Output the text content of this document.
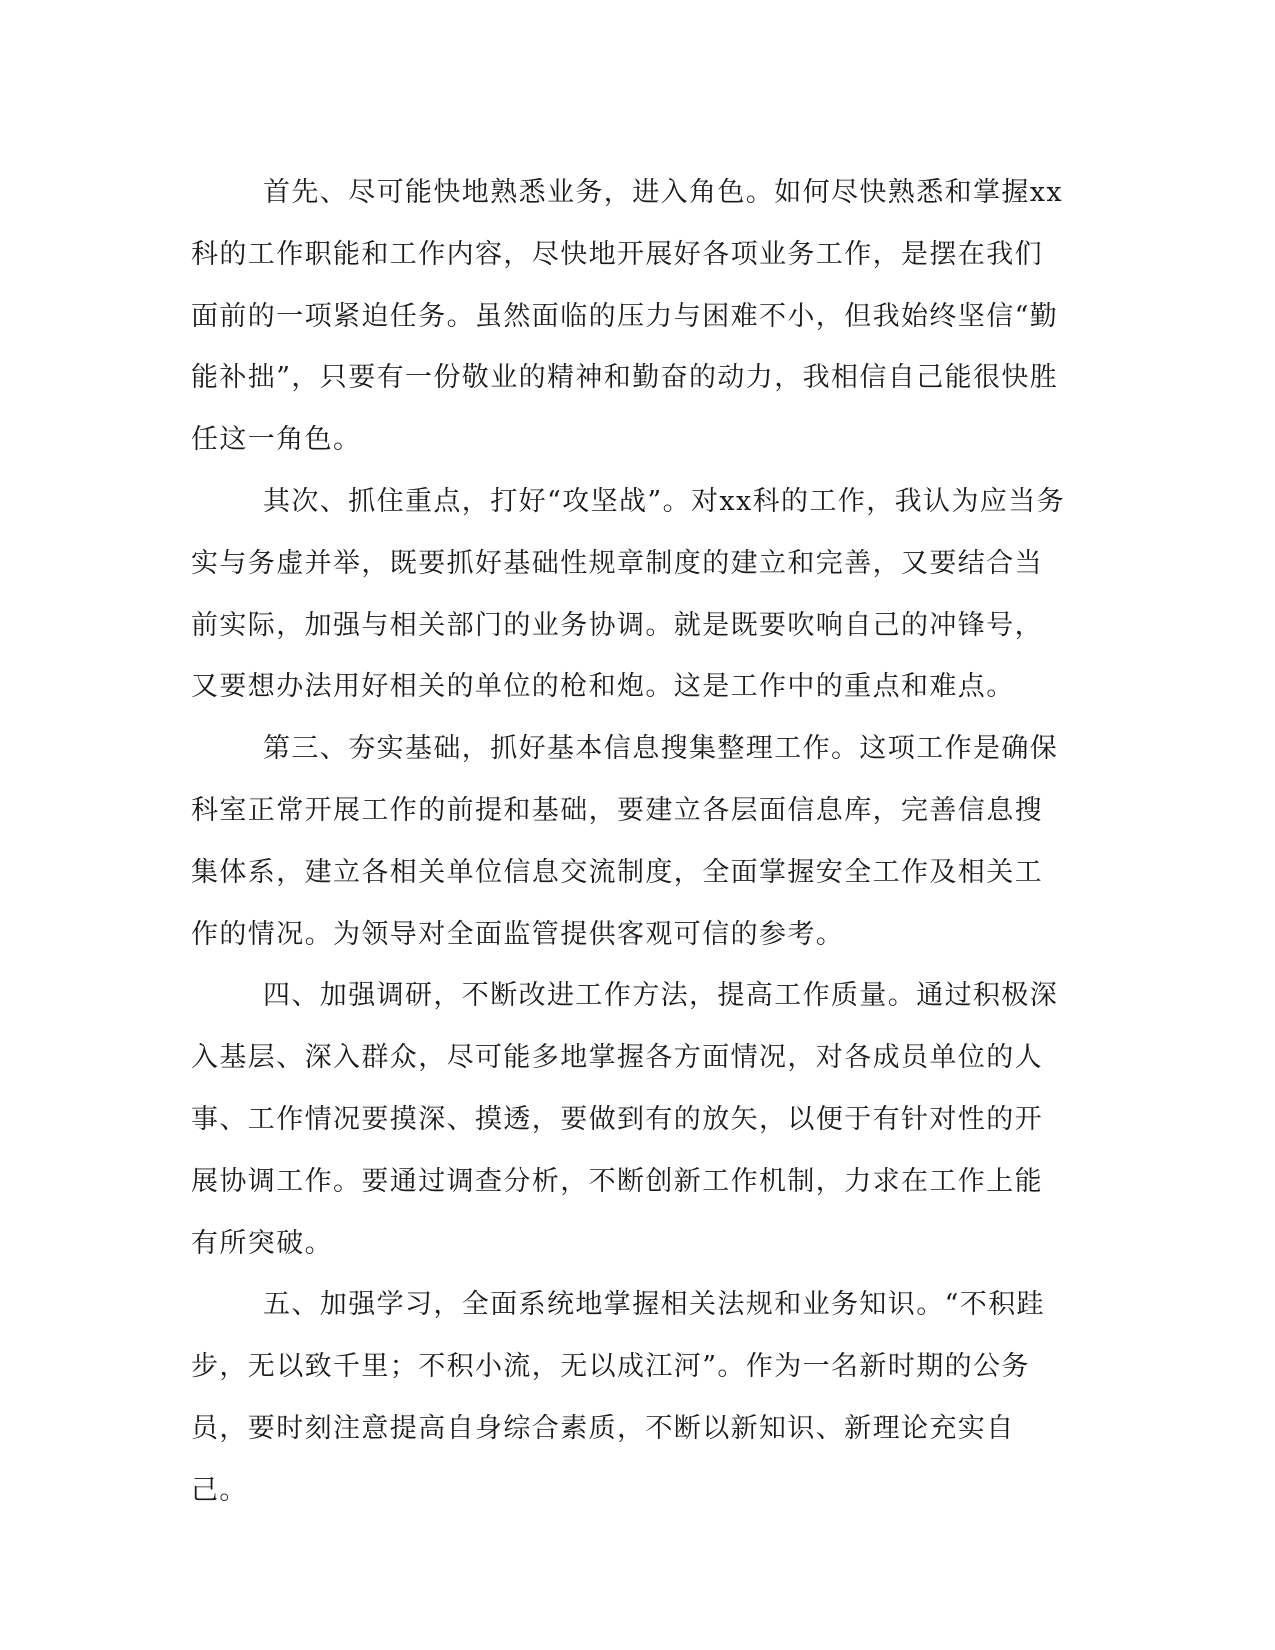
首先、尽可能快地熟悉业务，进入角色。如何尽快熟悉和掌握xx科的工作职能和工作内容，尽快地开展好各项业务工作，是摆在我们面前的一项紧迫任务。虽然面临的压力与困难不小，但我始终坚信“勤能补拙”，只要有一份敬业的精神和勤奋的动力，我相信自己能很快胜任这一角色。

其次、抓住重点，打好“攻坚战”。对xx科的工作，我认为应当务实与务虚并举，既要抓好基础性规章制度的建立和完善，又要结合当前实际，加强与相关部门的业务协调。就是既要吹响自己的冲锋号，又要想办法用好相关的单位的枪和炮。这是工作中的重点和难点。

第三、夯实基础，抓好基本信息搜集整理工作。这项工作是确保科室正常开展工作的前提和基础，要建立各层面信息库，完善信息搜集体系，建立各相关单位信息交流制度，全面掌握安全工作及相关工作的情况。为领导对全面监管提供客观可信的参考。

四、加强调研，不断改进工作方法，提高工作质量。通过积极深入基层、深入群众，尽可能多地掌握各方面情况，对各成员单位的人事、工作情况要摸深、摸透，要做到有的放矢，以便于有针对性的开展协调工作。要通过调查分析，不断创新工作机制，力求在工作上能有所突破。

五、加强学习，全面系统地掌握相关法规和业务知识。“不积跬步，无以致千里；不积小流，无以成江河”。作为一名新时期的公务员，要时刻注意提高自身综合素质，不断以新知识、新理论充实自己。
